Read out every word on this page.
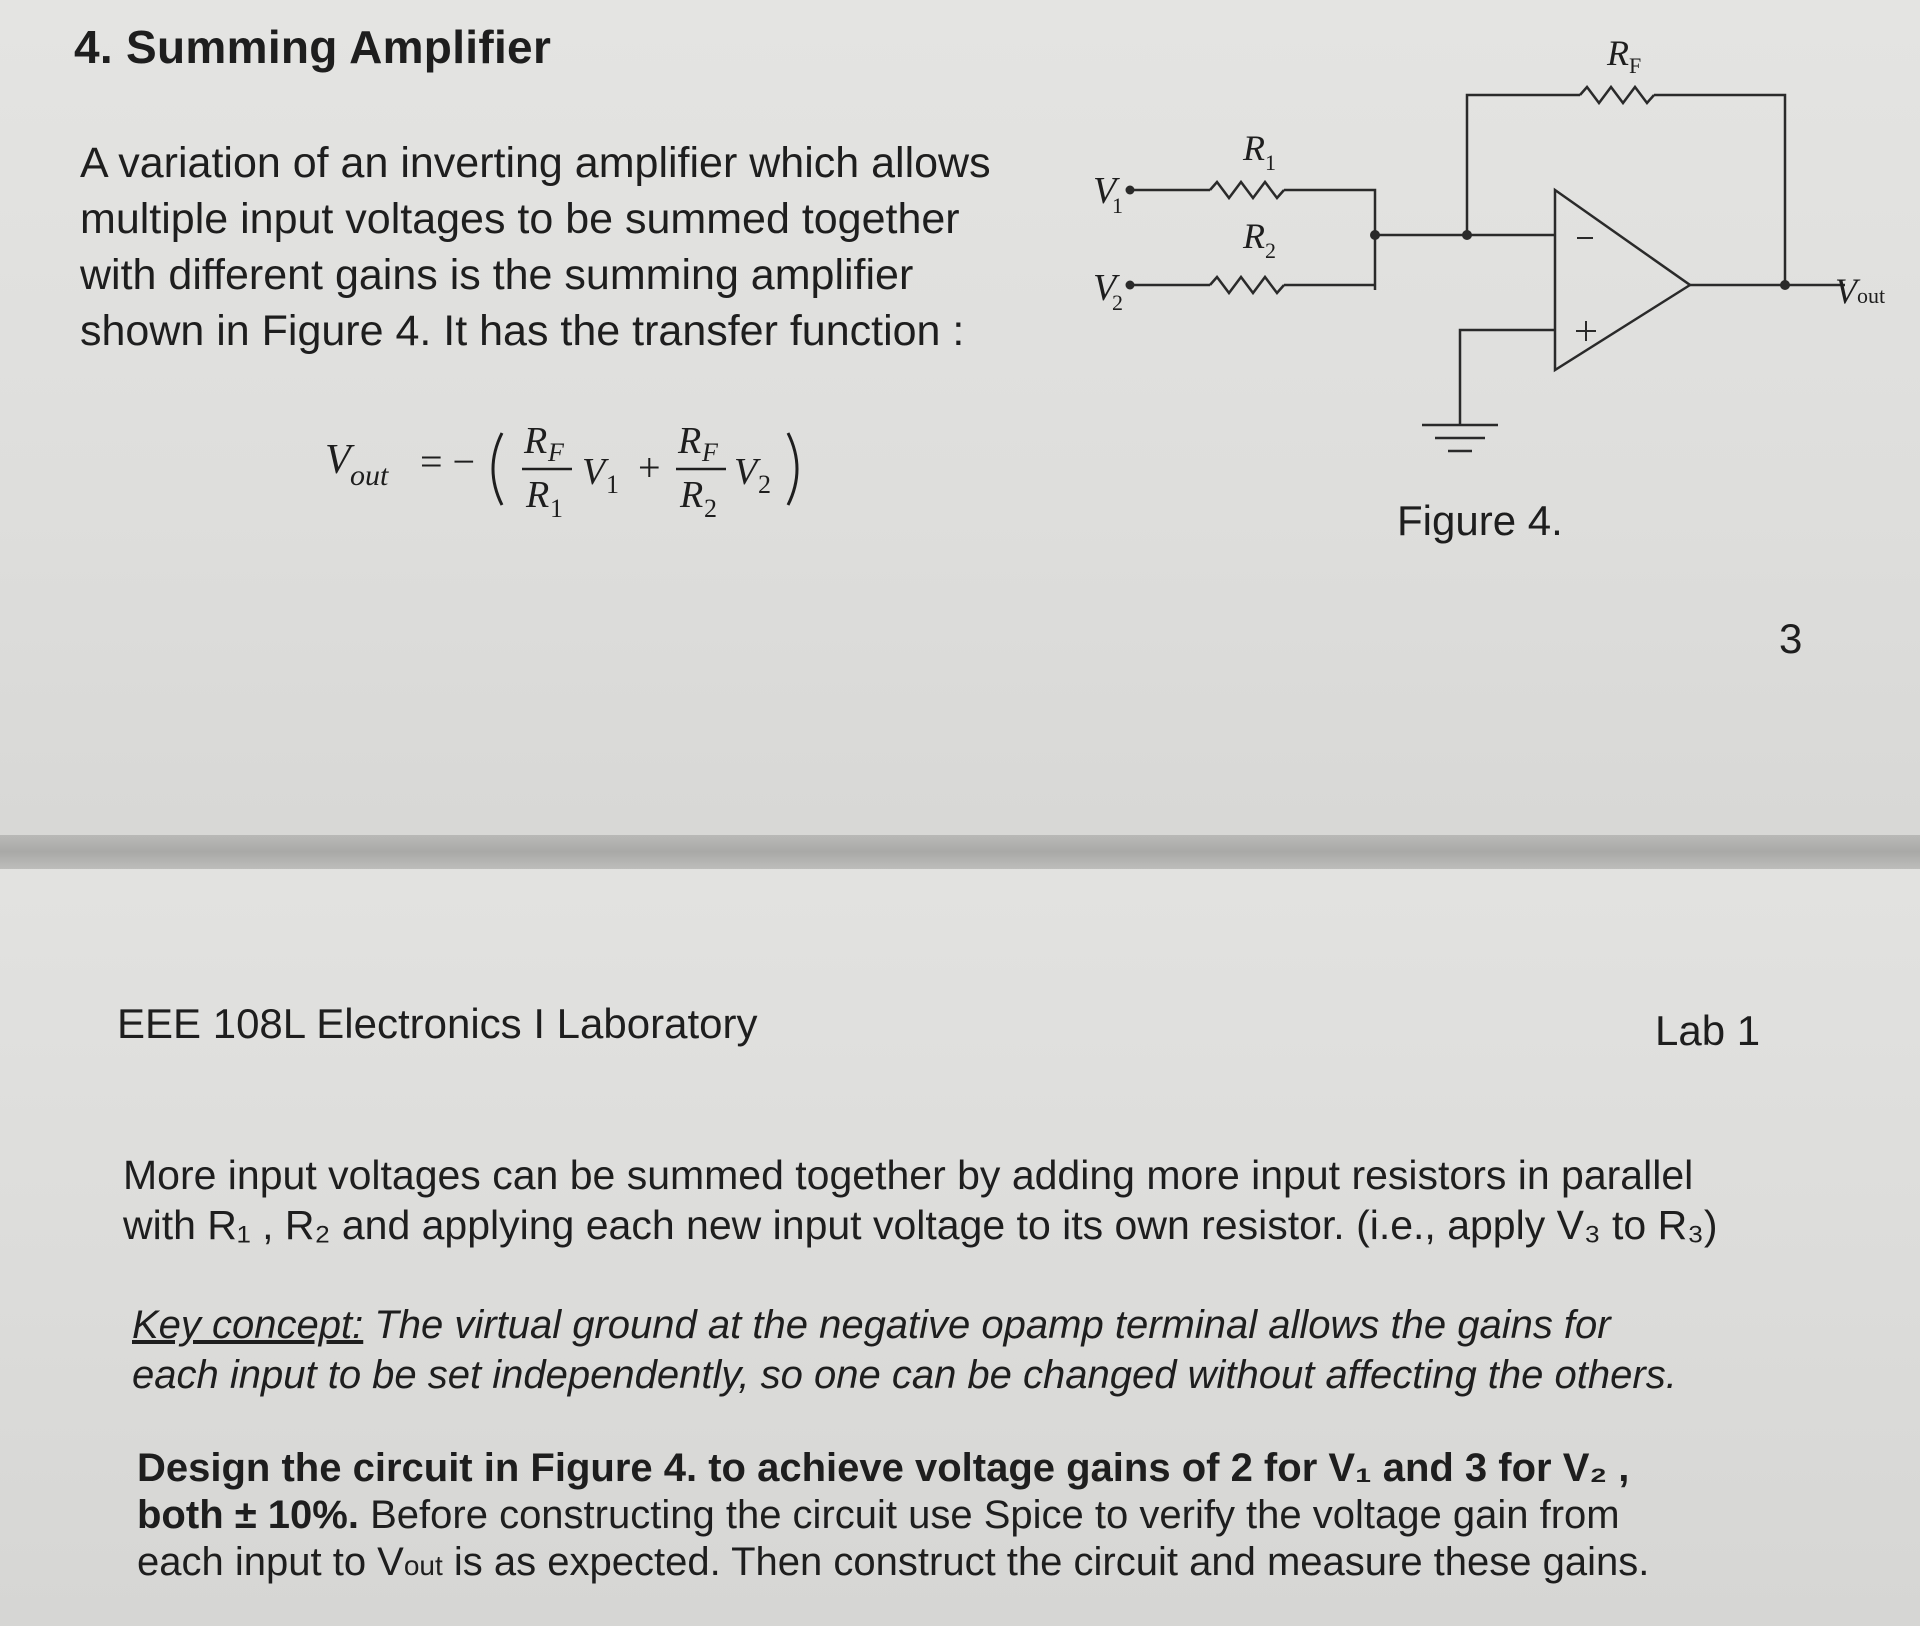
4. Summing Amplifier
A variation of an inverting amplifier which allows
multiple input voltages to be summed together
with different gains is the summing amplifier
shown in Figure 4. It has the transfer function :
V out = − R F
R 1
V 1 +
R F
R 2
V 2
R F
R 1
R 2
V
1
V
2	V out
Figure 4.
3
EEE 108L Electronics I Laboratory	Lab 1
More input voltages can be summed together by adding more input resistors in parallel
with R₁ , R₂ and applying each new input voltage to its own resistor. (i.e., apply V₃ to R₃)
Key concept: The virtual ground at the negative opamp terminal allows the gains for
each input to be set independently, so one can be changed without affecting the others.
Design the circuit in Figure 4. to achieve voltage gains of 2 for V₁ and 3 for V₂ ,
both ± 10%. Before constructing the circuit use Spice to verify the voltage gain from
each input to Vout is as expected. Then construct the circuit and measure these gains.
